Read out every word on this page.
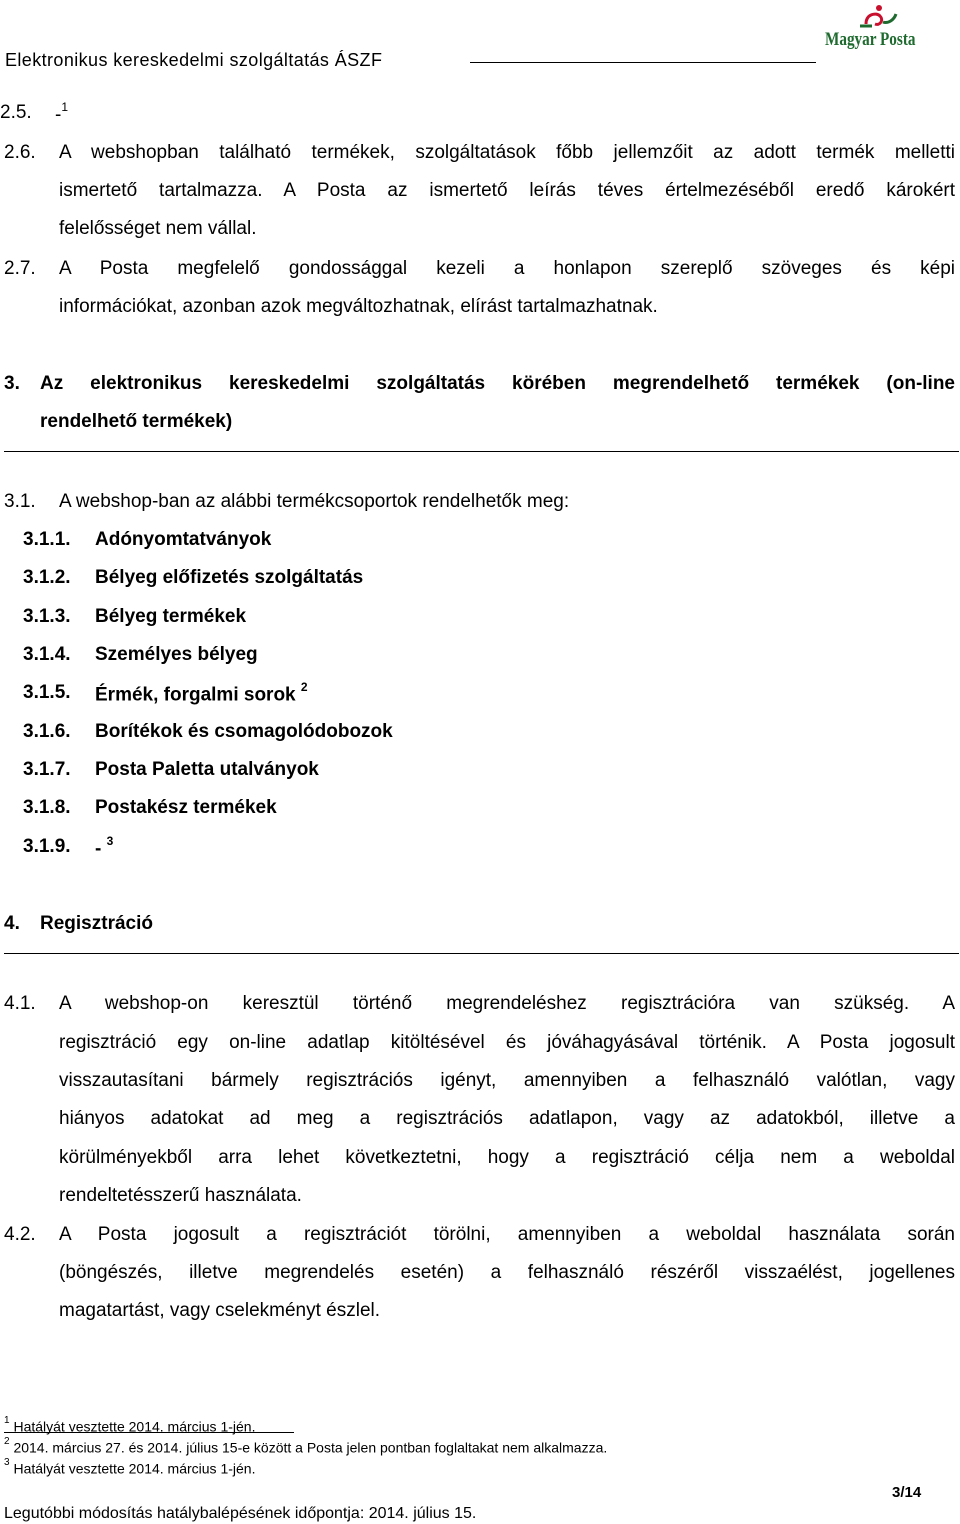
Elektronikus kereskedelmi szolgáltatás ÁSZF
Magyar Posta
2.5. -$^1$
2.6. A webshopban található termékek, szolgáltatások főbb jellemzőit az adott termék melletti
ismertető tartalmazza. A Posta az ismertető leírás téves értelmezéséből eredő károkért
felelősséget nem vállal.
2.7. A Posta megfelelő gondossággal kezeli a honlapon szereplő szöveges és képi
információkat, azonban azok megváltozhatnak, elírást tartalmazhatnak.
3. Az elektronikus kereskedelmi szolgáltatás körében megrendelhető termékek (on-line
rendelhető termékek)
3.1. A webshop-ban az alábbi termékcsoportok rendelhetők meg:
3.1.1. Adónyomtatványok
3.1.2. Bélyeg előfizetés szolgáltatás
3.1.3. Bélyeg termékek
3.1.4. Személyes bélyeg
3.1.5. Érmék, forgalmi sorok $^2$
3.1.6. Borítékok és csomagolódobozok
3.1.7. Posta Paletta utalványok
3.1.8. Postakész termékek
3.1.9. - $^3$
4. Regisztráció
4.1. A webshop-on keresztül történő megrendeléshez regisztrációra van szükség. A
regisztráció egy on-line adatlap kitöltésével és jóváhagyásával történik. A Posta jogosult
visszautasítani bármely regisztrációs igényt, amennyiben a felhasználó valótlan, vagy
hiányos adatokat ad meg a regisztrációs adatlapon, vagy az adatokból, illetve a
körülményekből arra lehet következtetni, hogy a regisztráció célja nem a weboldal
rendeltetésszerű használata.
4.2. A Posta jogosult a regisztrációt törölni, amennyiben a weboldal használata során
(böngészés, illetve megrendelés esetén) a felhasználó részéről visszaélést, jogellenes
magatartást, vagy cselekményt észlel.
$^1$ Hatályát vesztette 2014. március 1-jén.
$^2$ 2014. március 27. és 2014. július 15-e között a Posta jelen pontban foglaltakat nem alkalmazza.
$^3$ Hatályát vesztette 2014. március 1-jén.
3/14
Legutóbbi módosítás hatálybalépésének időpontja: 2014. július 15.
